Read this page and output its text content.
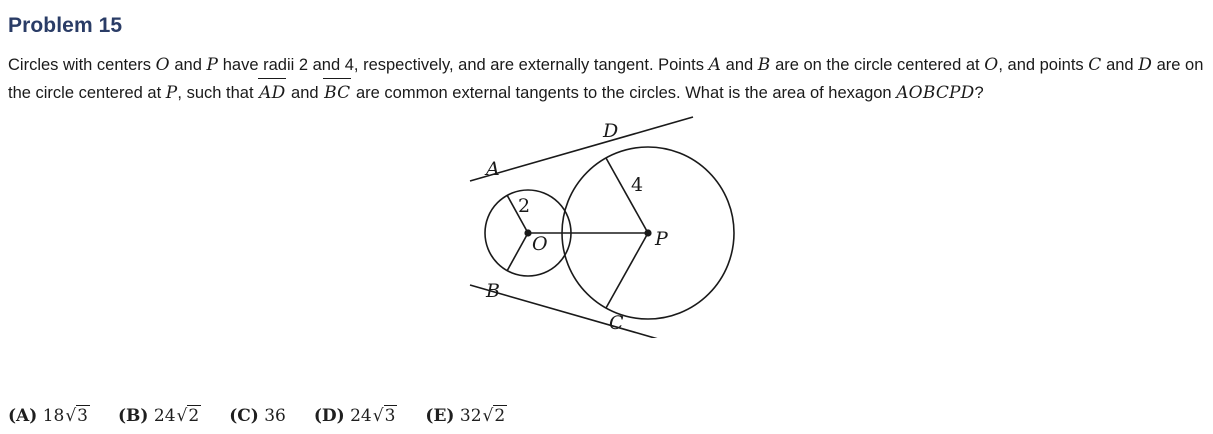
Problem 15
Circles with centers O and P have radii 2 and 4, respectively, and are externally tangent. Points A and B are on the circle centered at O, and points C and D are on the circle centered at P, such that AD and BC are common external tangents to the circles. What is the area of hexagon AOBCPD?
A
B
C
D
O	P
2
4
(A) 18√3 (B) 24√2 (C) 36 (D) 24√3 (E) 32√2
